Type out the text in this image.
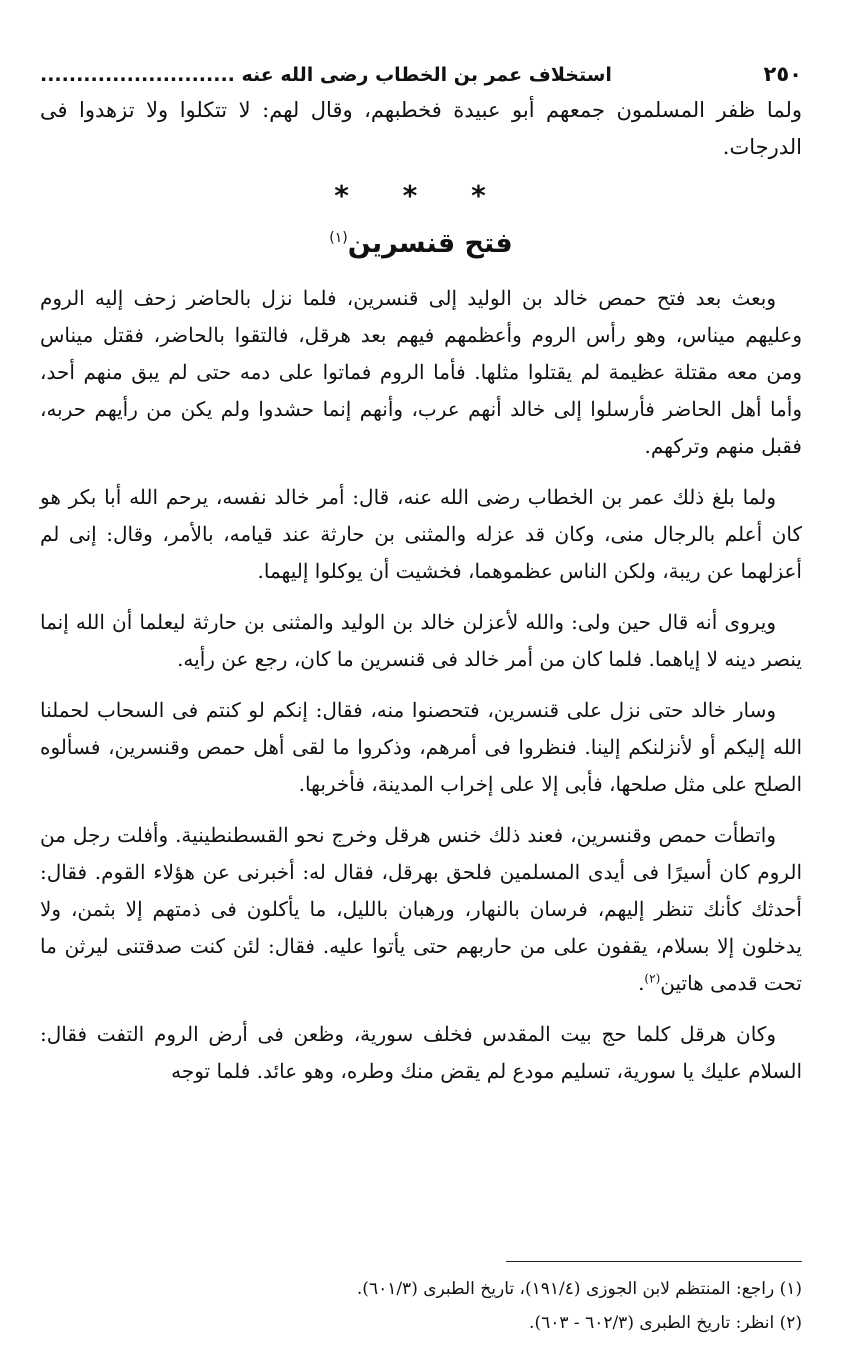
٢٥٠
استخلاف عمر بن الخطاب رضى الله عنه ...........................

ولما ظفر المسلمون جمعهم أبو عبيدة فخطبهم، وقال لهم: لا تتكلوا ولا تزهدوا فى الدرجات.

* * *
فتح قنسرين$^{(١)}$

وبعث بعد فتح حمص خالد بن الوليد إلى قنسرين، فلما نزل بالحاضر زحف إليه الروم وعليهم ميناس، وهو رأس الروم وأعظمهم فيهم بعد هرقل، فالتقوا بالحاضر، فقتل ميناس ومن معه مقتلة عظيمة لم يقتلوا مثلها. فأما الروم فماتوا على دمه حتى لم يبق منهم أحد، وأما أهل الحاضر فأرسلوا إلى خالد أنهم عرب، وأنهم إنما حشدوا ولم يكن من رأيهم حربه، فقبل منهم وتركهم.

ولما بلغ ذلك عمر بن الخطاب رضى الله عنه، قال: أمر خالد نفسه، يرحم الله أبا بكر هو كان أعلم بالرجال منى، وكان قد عزله والمثنى بن حارثة عند قيامه، بالأمر، وقال: إنى لم أعزلهما عن ريبة، ولكن الناس عظموهما، فخشيت أن يوكلوا إليهما.

ويروى أنه قال حين ولى: والله لأعزلن خالد بن الوليد والمثنى بن حارثة ليعلما أن الله إنما ينصر دينه لا إياهما. فلما كان من أمر خالد فى قنسرين ما كان، رجع عن رأيه.

وسار خالد حتى نزل على قنسرين، فتحصنوا منه، فقال: إنكم لو كنتم فى السحاب لحملنا الله إليكم أو لأنزلنكم إلينا. فنظروا فى أمرهم، وذكروا ما لقى أهل حمص وقنسرين، فسألوه الصلح على مثل صلحها، فأبى إلا على إخراب المدينة، فأخربها.

واتطأت حمص وقنسرين، فعند ذلك خنس هرقل وخرج نحو القسطنطينية. وأفلت رجل من الروم كان أسيرًا فى أيدى المسلمين فلحق بهرقل، فقال له: أخبرنى عن هؤلاء القوم. فقال: أحدثك كأنك تنظر إليهم، فرسان بالنهار، ورهبان بالليل، ما يأكلون فى ذمتهم إلا بثمن، ولا يدخلون إلا بسلام، يقفون على من حاربهم حتى يأتوا عليه. فقال: لئن كنت صدقتنى ليرثن ما تحت قدمى هاتين$^{(٢)}$.

وكان هرقل كلما حج بيت المقدس فخلف سورية، وظعن فى أرض الروم التفت فقال: السلام عليك يا سورية، تسليم مودع لم يقض منك وطره، وهو عائد. فلما توجه

(١) راجع: المنتظم لابن الجوزى (١٩١/٤)، تاريخ الطبرى (٦٠١/٣).

(٢) انظر: تاريخ الطبرى (٦٠٢/٣ - ٦٠٣).
